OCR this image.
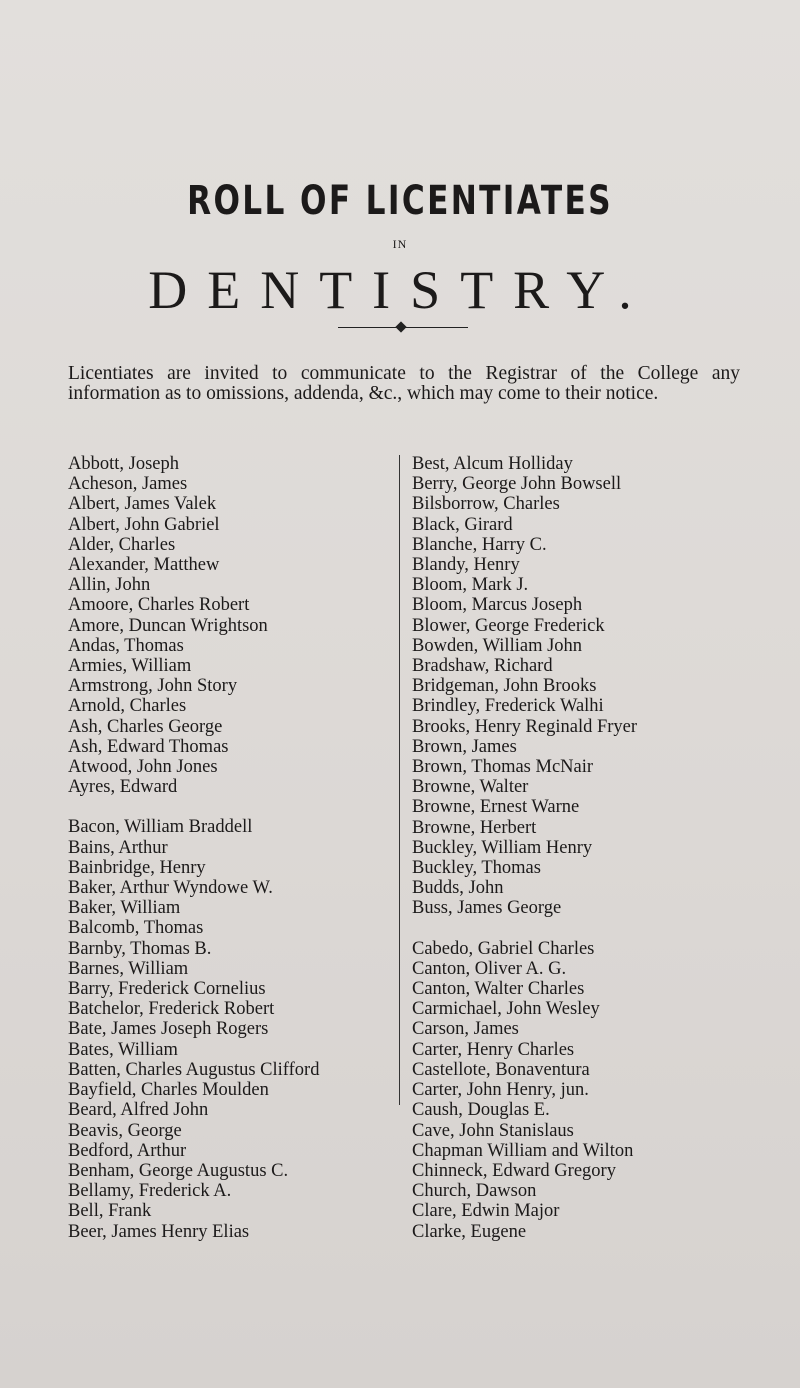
ROLL OF LICENTIATES
IN
DENTISTRY.
Licentiates are invited to communicate to the Registrar of the College any information as to omissions, addenda, &c., which may come to their notice.
Abbott, Joseph
Acheson, James
Albert, James Valek
Albert, John Gabriel
Alder, Charles
Alexander, Matthew
Allin, John
Amoore, Charles Robert
Amore, Duncan Wrightson
Andas, Thomas
Armies, William
Armstrong, John Story
Arnold, Charles
Ash, Charles George
Ash, Edward Thomas
Atwood, John Jones
Ayres, Edward
Bacon, William Braddell
Bains, Arthur
Bainbridge, Henry
Baker, Arthur Wyndowe W.
Baker, William
Balcomb, Thomas
Barnby, Thomas B.
Barnes, William
Barry, Frederick Cornelius
Batchelor, Frederick Robert
Bate, James Joseph Rogers
Bates, William
Batten, Charles Augustus Clifford
Bayfield, Charles Moulden
Beard, Alfred John
Beavis, George
Bedford, Arthur
Benham, George Augustus C.
Bellamy, Frederick A.
Bell, Frank
Beer, James Henry Elias
Best, Alcum Holliday
Berry, George John Bowsell
Bilsborrow, Charles
Black, Girard
Blanche, Harry C.
Blandy, Henry
Bloom, Mark J.
Bloom, Marcus Joseph
Blower, George Frederick
Bowden, William John
Bradshaw, Richard
Bridgeman, John Brooks
Brindley, Frederick Walhi
Brooks, Henry Reginald Fryer
Brown, James
Brown, Thomas McNair
Browne, Walter
Browne, Ernest Warne
Browne, Herbert
Buckley, William Henry
Buckley, Thomas
Budds, John
Buss, James George
Cabedo, Gabriel Charles
Canton, Oliver A. G.
Canton, Walter Charles
Carmichael, John Wesley
Carson, James
Carter, Henry Charles
Castellote, Bonaventura
Carter, John Henry, jun.
Caush, Douglas E.
Cave, John Stanislaus
Chapman William and Wilton
Chinneck, Edward Gregory
Church, Dawson
Clare, Edwin Major
Clarke, Eugene
